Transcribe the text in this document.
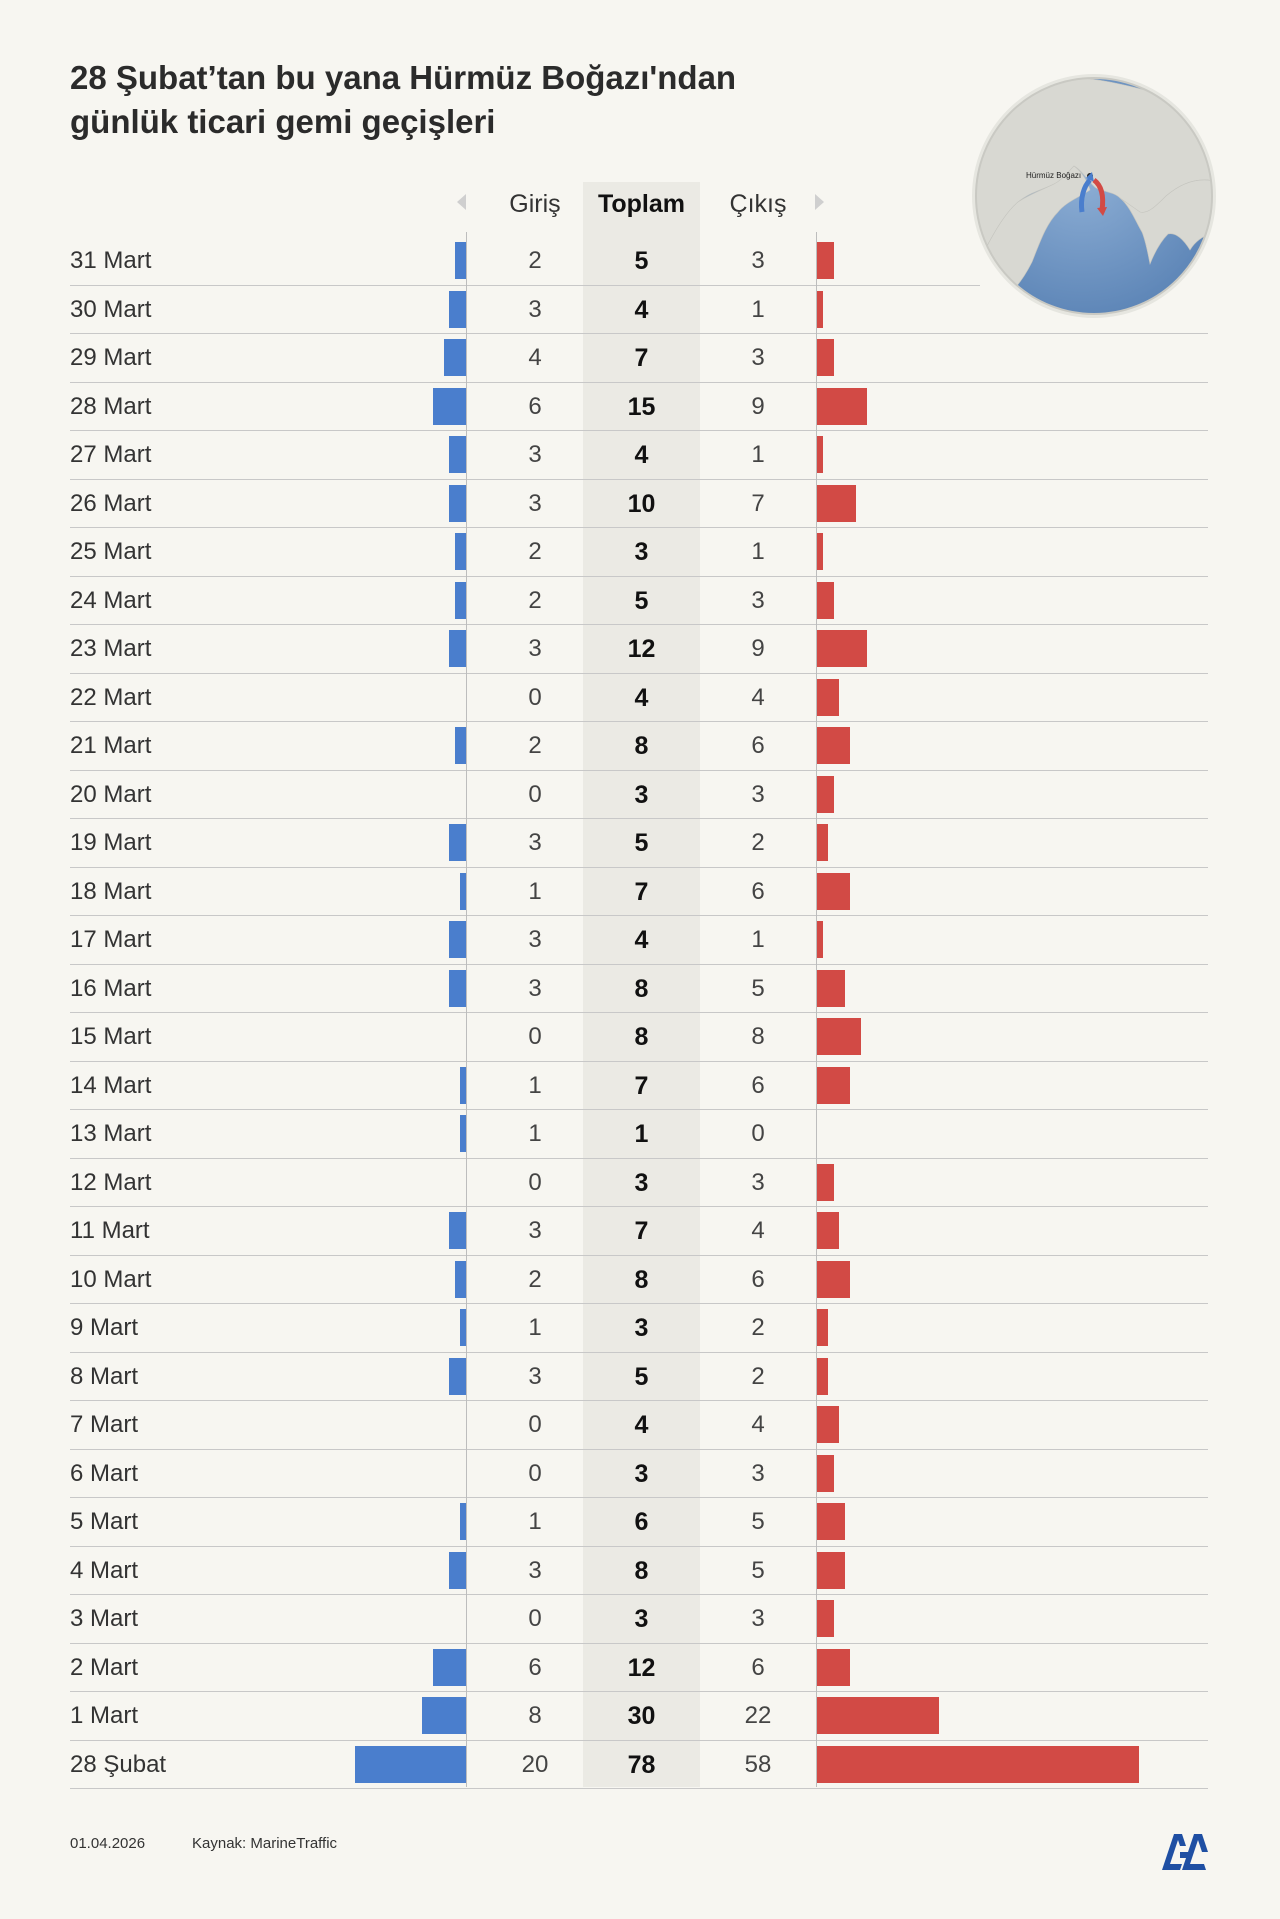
28 Şubat’tan bu yana Hürmüz Boğazı'ndan
günlük ticari gemi geçişleri
Hürmüz Boğazı
Giriş	Toplam	Çıkış
31 Mart	2	5	3
30 Mart	3	4	1
29 Mart	4	7	3
28 Mart	6	15	9
27 Mart	3	4	1
26 Mart	3	10	7
25 Mart	2	3	1
24 Mart	2	5	3
23 Mart	3	12	9
22 Mart	0	4	4
21 Mart	2	8	6
20 Mart	0	3	3
19 Mart	3	5	2
18 Mart	1	7	6
17 Mart	3	4	1
16 Mart	3	8	5
15 Mart	0	8	8
14 Mart	1	7	6
13 Mart	1	1	0
12 Mart	0	3	3
11 Mart	3	7	4
10 Mart	2	8	6
9 Mart	1	3	2
8 Mart	3	5	2
7 Mart	0	4	4
6 Mart	0	3	3
5 Mart	1	6	5
4 Mart	3	8	5
3 Mart	0	3	3
2 Mart	6	12	6
1 Mart	8	30	22
28 Şubat	20	78	58
01.04.2026	Kaynak: MarineTraffic
